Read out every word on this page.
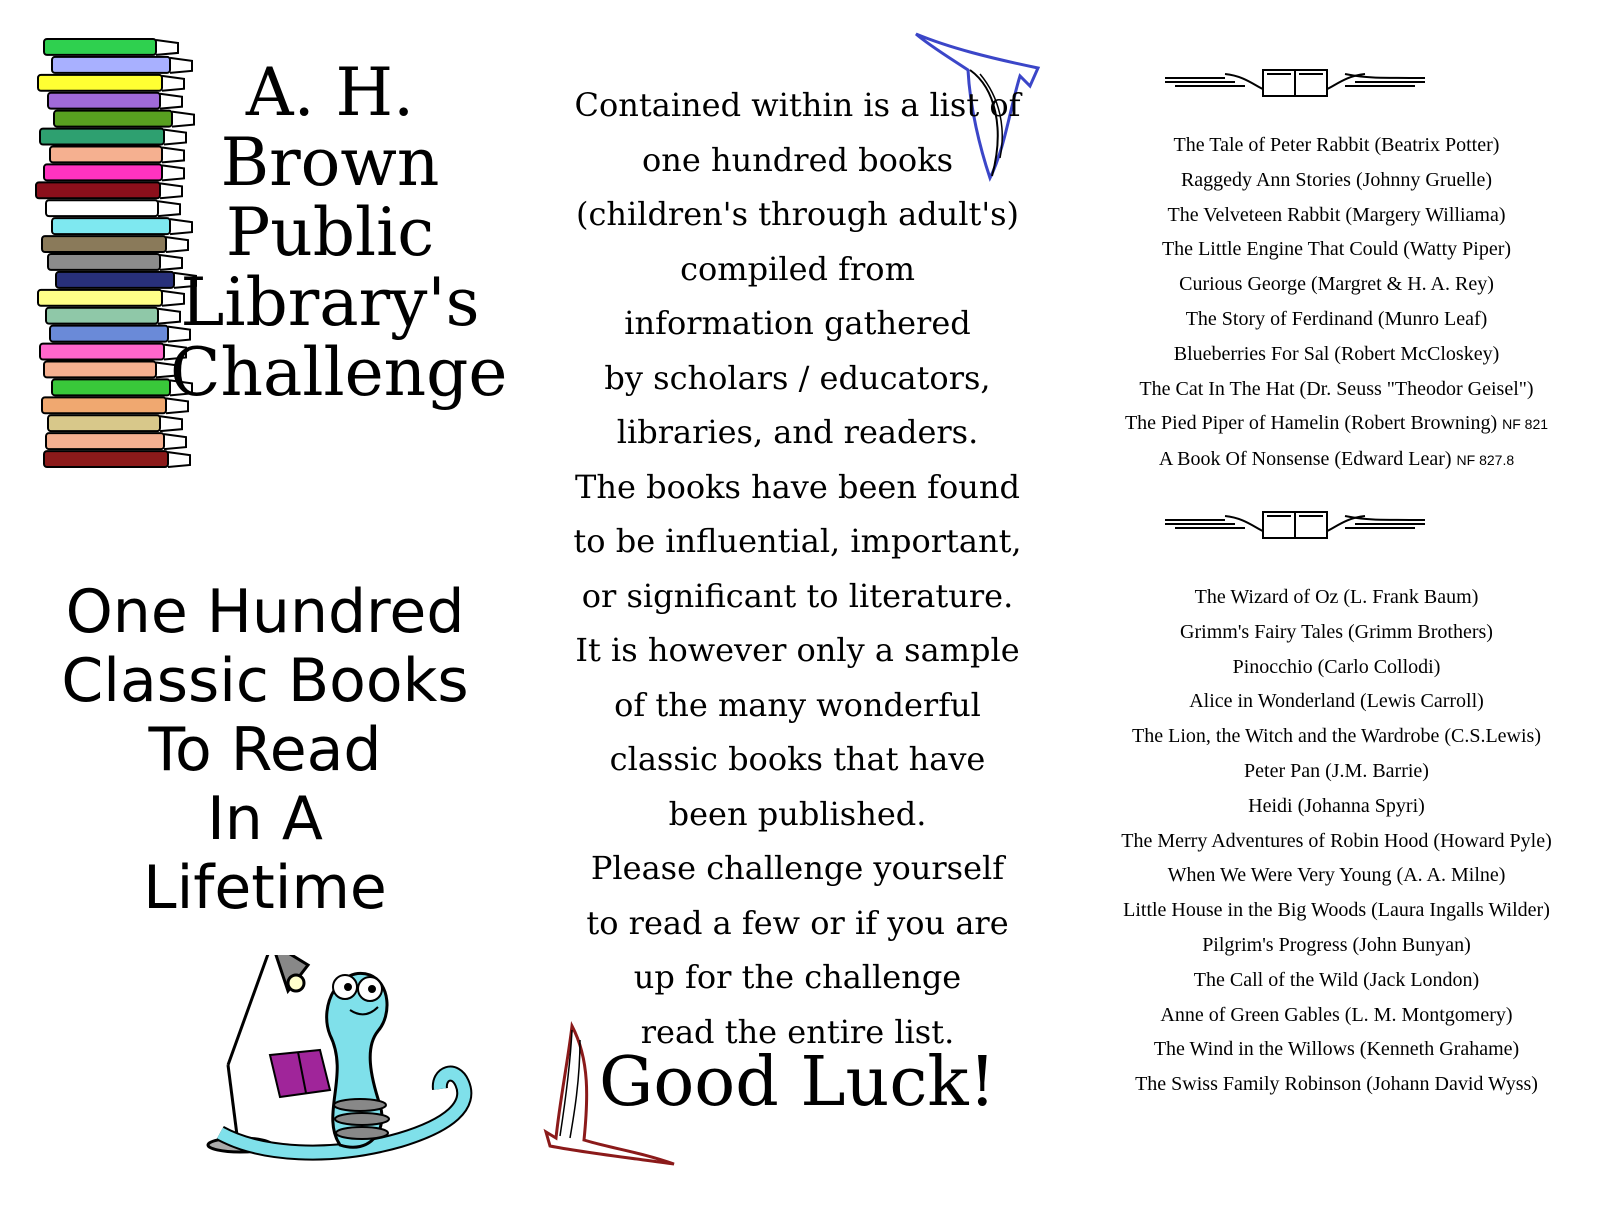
A. H.
Brown
Public
Library's
Challenge
One Hundred
Classic Books
To Read
In A
Lifetime
Contained within is a list of
one hundred books
(children's through adult's)
compiled from
information gathered
by scholars / educators,
libraries, and readers.
The books have been found
to be influential, important,
or significant to literature.
It is however only a sample
of the many wonderful
classic books that have
been published.
Please challenge yourself
to read a few or if you are
up for the challenge
read the entire list.
Good Luck!
The Tale of Peter Rabbit (Beatrix Potter)
Raggedy Ann Stories (Johnny Gruelle)
The Velveteen Rabbit (Margery Williama)
The Little Engine That Could (Watty Piper)
Curious George (Margret & H. A. Rey)
The Story of Ferdinand (Munro Leaf)
Blueberries For Sal (Robert McCloskey)
The Cat In The Hat (Dr. Seuss "Theodor Geisel")
The Pied Piper of Hamelin (Robert Browning) NF 821
A Book Of Nonsense (Edward Lear) NF 827.8
The Wizard of Oz (L. Frank Baum)
Grimm's Fairy Tales (Grimm Brothers)
Pinocchio (Carlo Collodi)
Alice in Wonderland (Lewis Carroll)
The Lion, the Witch and the Wardrobe (C.S.Lewis)
Peter Pan (J.M. Barrie)
Heidi (Johanna Spyri)
The Merry Adventures of Robin Hood (Howard Pyle)
When We Were Very Young (A. A. Milne)
Little House in the Big Woods (Laura Ingalls Wilder)
Pilgrim's Progress (John Bunyan)
The Call of the Wild (Jack London)
Anne of Green Gables (L. M. Montgomery)
The Wind in the Willows (Kenneth Grahame)
The Swiss Family Robinson (Johann David Wyss)
